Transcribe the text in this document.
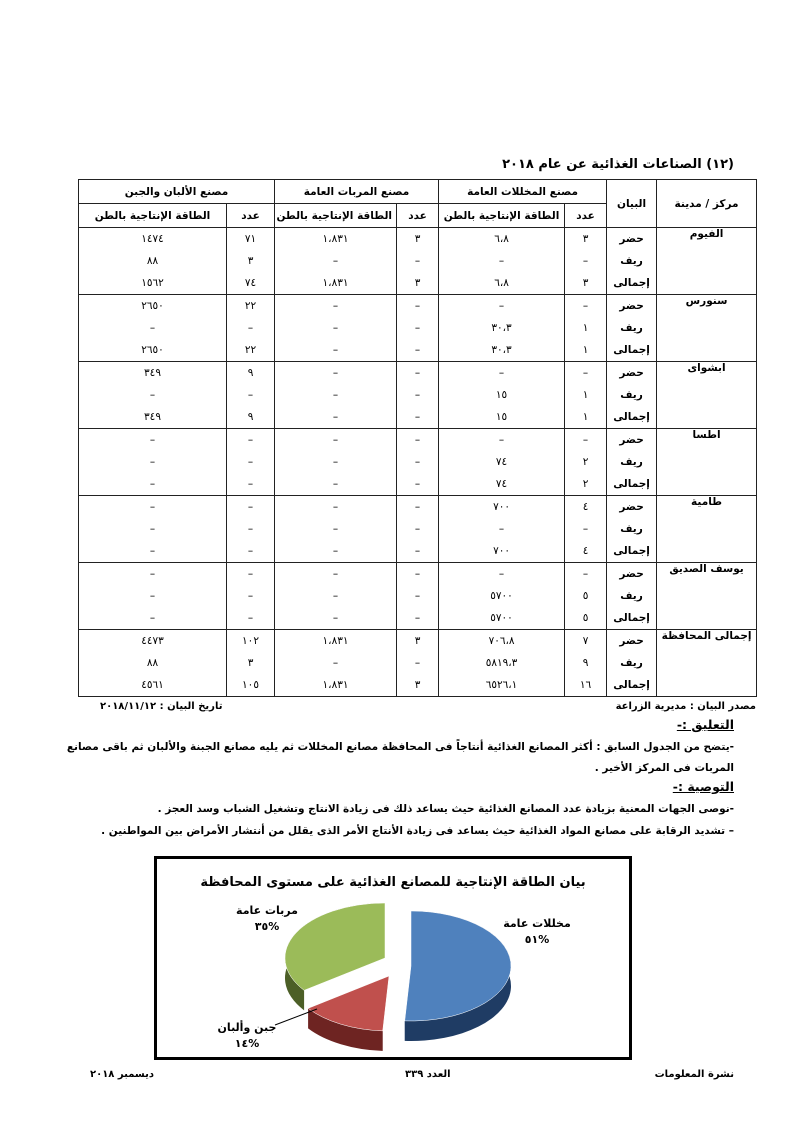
(١٢) الصناعات الغذائية عن عام ٢٠١٨
مركز / مدينة	البيان	مصنع المخللات العامة		مصنع المربات العامة		مصنع الألبان والجبن	
		عدد	الطاقة الإنتاجية بالطن	عدد	الطاقة الإنتاجية بالطن	عدد	الطاقة الإنتاجية بالطن
الفيوم	حضر	٣	٦،٨	٣	١،٨٣١	٧١	١٤٧٤
	ريف	–	–	–	–	٣	٨٨
	إجمالى	٣	٦،٨	٣	١،٨٣١	٧٤	١٥٦٢
سنورس	حضر	–	–	–	–	٢٢	٢٦٥٠
	ريف	١	٣٠،٣	–	–	–	–
	إجمالى	١	٣٠،٣	–	–	٢٢	٢٦٥٠
ابشواى	حضر	–	–	–	–	٩	٣٤٩
	ريف	١	١٥	–	–	–	–
	إجمالى	١	١٥	–	–	٩	٣٤٩
اطسا	حضر	–	–	–	–	–	–
	ريف	٢	٧٤	–	–	–	–
	إجمالى	٢	٧٤	–	–	–	–
طامية	حضر	٤	٧٠٠	–	–	–	–
	ريف	–	–	–	–	–	–
	إجمالى	٤	٧٠٠	–	–	–	–
يوسف الصديق	حضر	–	–	–	–	–	–
	ريف	٥	٥٧٠٠	–	–	–	–
	إجمالى	٥	٥٧٠٠	–	–	–	–
إجمالى المحافظة	حضر	٧	٧٠٦،٨	٣	١،٨٣١	١٠٢	٤٤٧٣
	ريف	٩	٥٨١٩،٣	–	–	٣	٨٨
	إجمالى	١٦	٦٥٢٦،١	٣	١،٨٣١	١٠٥	٤٥٦١
مصدر البيان : مديرية الزراعة
تاريخ البيان : ٢٠١٨/١١/١٢
التعليق :-
-يتضح من الجدول السابق : أكثر المصانع الغذائية أنتاجاً فى المحافظة مصانع المخللات ثم يليه مصانع الجبنة والألبان ثم باقى مصانع المربات فى المركز الأخير .
التوصية :-
-نوصى الجهات المعنية بزيادة عدد المصانع الغذائية حيث يساعد ذلك فى زيادة الانتاج وتشغيل الشباب وسد العجز .
– تشديد الرقابة على مصانع المواد الغذائية حيث يساعد فى زيادة الأنتاج الأمر الذى يقلل من أنتشار الأمراض بين المواطنين .
بيان الطاقة الإنتاجية للمصانع الغذائية على مستوى المحافظة
مخللات عامة
%٥١
جبن وألبان
%١٤
مربات عامة
%٣٥
نشرة المعلومات
العدد ٣٣٩
ديسمبر ٢٠١٨
